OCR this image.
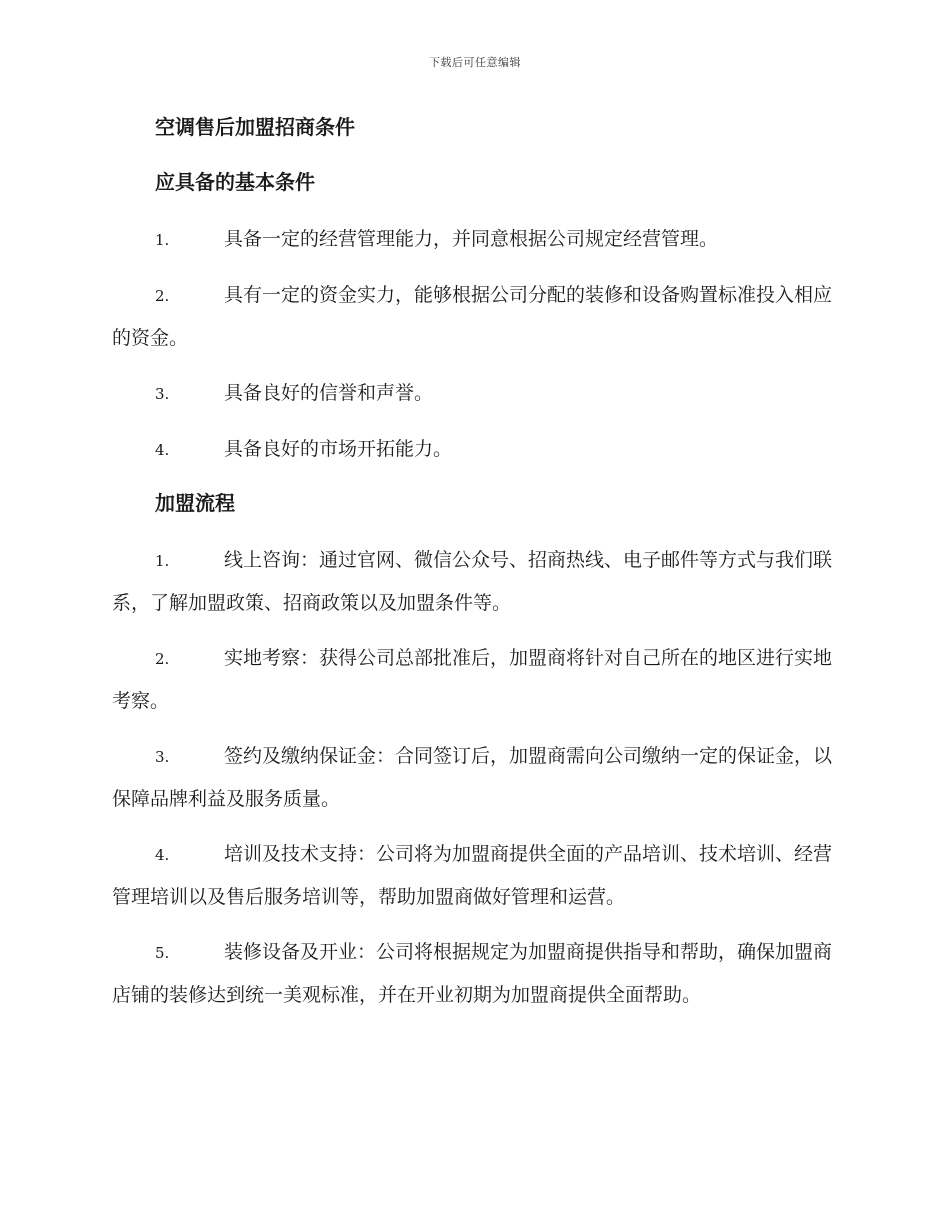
下载后可任意编辑
空调售后加盟招商条件
应具备的基本条件

1.	具备一定的经营管理能力，并同意根据公司规定经营管理。

2.	具有一定的资金实力，能够根据公司分配的装修和设备购置标准投入相应的资金。

3.	具备良好的信誉和声誉。

4.	具备良好的市场开拓能力。

加盟流程

1.	线上咨询：通过官网、微信公众号、招商热线、电子邮件等方式与我们联系，了解加盟政策、招商政策以及加盟条件等。

2.	实地考察：获得公司总部批准后，加盟商将针对自己所在的地区进行实地考察。

3.	签约及缴纳保证金：合同签订后，加盟商需向公司缴纳一定的保证金，以保障品牌利益及服务质量。

4.	培训及技术支持：公司将为加盟商提供全面的产品培训、技术培训、经营管理培训以及售后服务培训等，帮助加盟商做好管理和运营。

5.	装修设备及开业：公司将根据规定为加盟商提供指导和帮助，确保加盟商店铺的装修达到统一美观标准，并在开业初期为加盟商提供全面帮助。
